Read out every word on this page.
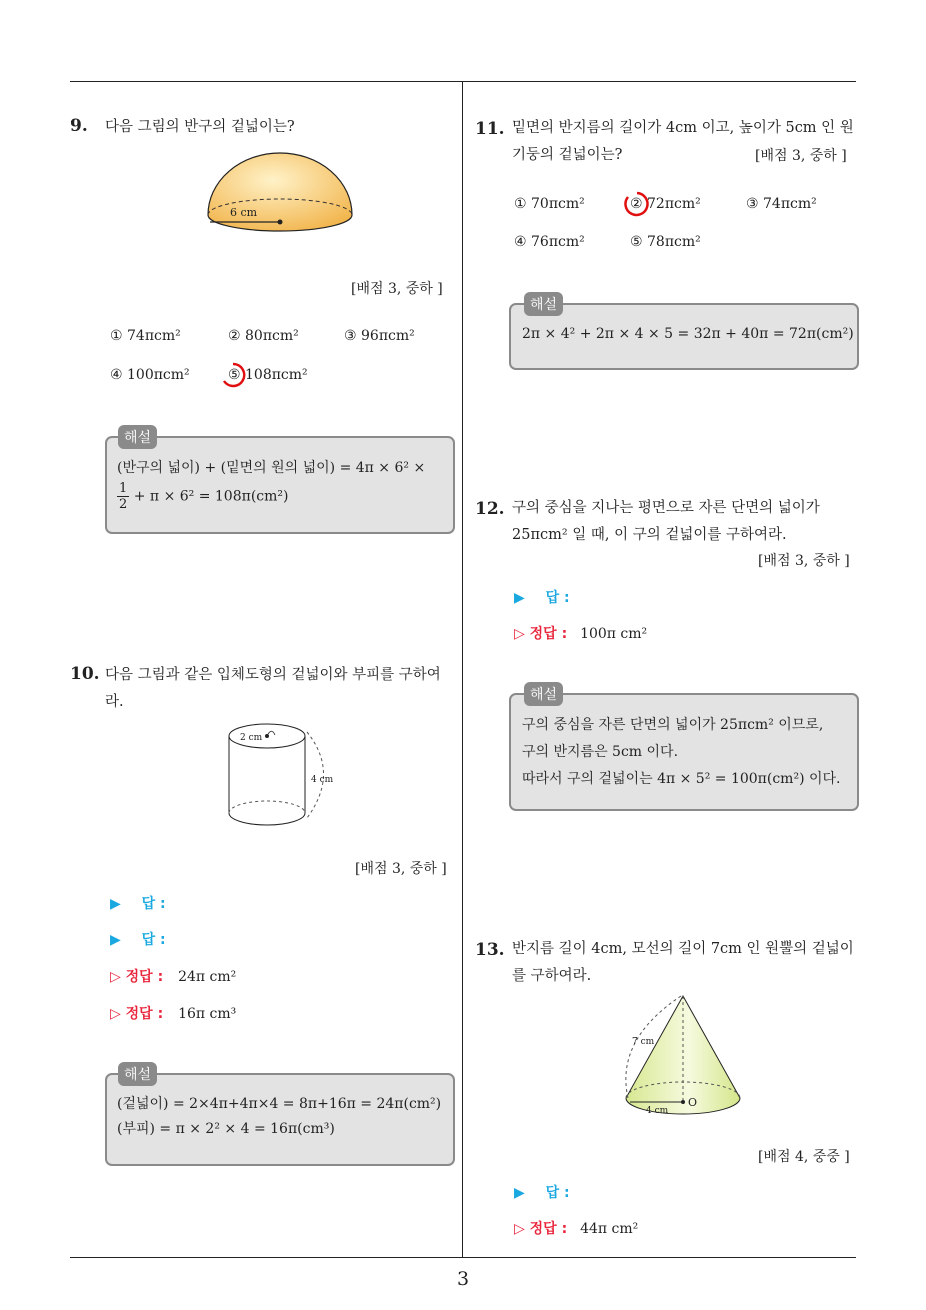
3
9. 다음 그림의 반구의 겉넓이는?
6 cm
[배점 3, 중하 ]
① 74πcm²	② 80πcm²	③ 96πcm²
④ 100πcm²	⑤ 108πcm²
해설
(반구의 넓이) + (밑면의 원의 넓이) = 4π × 6² ×
$\frac{1}{2} + \pi \times 6^2 = 108\pi(cm^2)$
10. 다음 그림과 같은 입체도형의 겉넓이와 부피를 구하여
라.
2 cm
4 cm
[배점 3, 중하 ]
▶ 답 :
▶ 답 :
▷ 정답 : 24π cm²
▷ 정답 : 16π cm³
해설
(겉넓이) = 2×4π+4π×4 = 8π+16π = 24π(cm²)
(부피) = π × 2² × 4 = 16π(cm³)
11. 밑면의 반지름의 길이가 4cm 이고, 높이가 5cm 인 원
기둥의 겉넓이는?	[배점 3, 중하 ]
① 70πcm²	② 72πcm²	③ 74πcm²
④ 76πcm²	⑤ 78πcm²
해설
2π × 4² + 2π × 4 × 5 = 32π + 40π = 72π(cm²)
12. 구의 중심을 지나는 평면으로 자른 단면의 넓이가
25πcm² 일 때, 이 구의 겉넓이를 구하여라.
[배점 3, 중하 ]
▶ 답 :
▷ 정답 : 100π cm²
해설
구의 중심을 자른 단면의 넓이가 25πcm² 이므로,
구의 반지름은 5cm 이다.
따라서 구의 겉넓이는 4π × 5² = 100π(cm²) 이다.
13. 반지름 길이 4cm, 모선의 길이 7cm 인 원뿔의 겉넓이
를 구하여라.
7 cm
4 cm
O
[배점 4, 중중 ]
▶ 답 :
▷ 정답 : 44π cm²
